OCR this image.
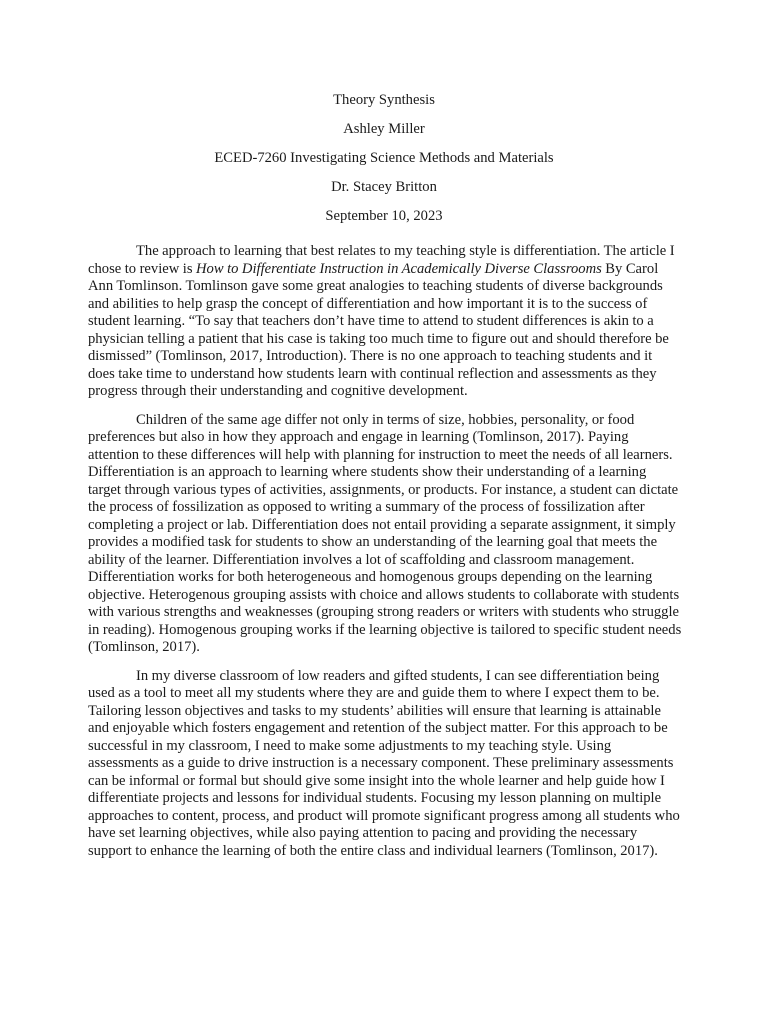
Theory Synthesis
Ashley Miller
ECED-7260 Investigating Science Methods and Materials
Dr. Stacey Britton
September 10, 2023

The approach to learning that best relates to my teaching style is differentiation. The article I chose to review is How to Differentiate Instruction in Academically Diverse Classrooms By Carol Ann Tomlinson. Tomlinson gave some great analogies to teaching students of diverse backgrounds and abilities to help grasp the concept of differentiation and how important it is to the success of student learning. “To say that teachers don’t have time to attend to student differences is akin to a physician telling a patient that his case is taking too much time to figure out and should therefore be dismissed” (Tomlinson, 2017, Introduction). There is no one approach to teaching students and it does take time to understand how students learn with continual reflection and assessments as they progress through their understanding and cognitive development.

Children of the same age differ not only in terms of size, hobbies, personality, or food preferences but also in how they approach and engage in learning (Tomlinson, 2017). Paying attention to these differences will help with planning for instruction to meet the needs of all learners. Differentiation is an approach to learning where students show their understanding of a learning target through various types of activities, assignments, or products. For instance, a student can dictate the process of fossilization as opposed to writing a summary of the process of fossilization after completing a project or lab. Differentiation does not entail providing a separate assignment, it simply provides a modified task for students to show an understanding of the learning goal that meets the ability of the learner. Differentiation involves a lot of scaffolding and classroom management. Differentiation works for both heterogeneous and homogenous groups depending on the learning objective. Heterogenous grouping assists with choice and allows students to collaborate with students with various strengths and weaknesses (grouping strong readers or writers with students who struggle in reading). Homogenous grouping works if the learning objective is tailored to specific student needs (Tomlinson, 2017).

In my diverse classroom of low readers and gifted students, I can see differentiation being used as a tool to meet all my students where they are and guide them to where I expect them to be. Tailoring lesson objectives and tasks to my students’ abilities will ensure that learning is attainable and enjoyable which fosters engagement and retention of the subject matter. For this approach to be successful in my classroom, I need to make some adjustments to my teaching style. Using assessments as a guide to drive instruction is a necessary component. These preliminary assessments can be informal or formal but should give some insight into the whole learner and help guide how I differentiate projects and lessons for individual students. Focusing my lesson planning on multiple approaches to content, process, and product will promote significant progress among all students who have set learning objectives, while also paying attention to pacing and providing the necessary support to enhance the learning of both the entire class and individual learners (Tomlinson, 2017).
